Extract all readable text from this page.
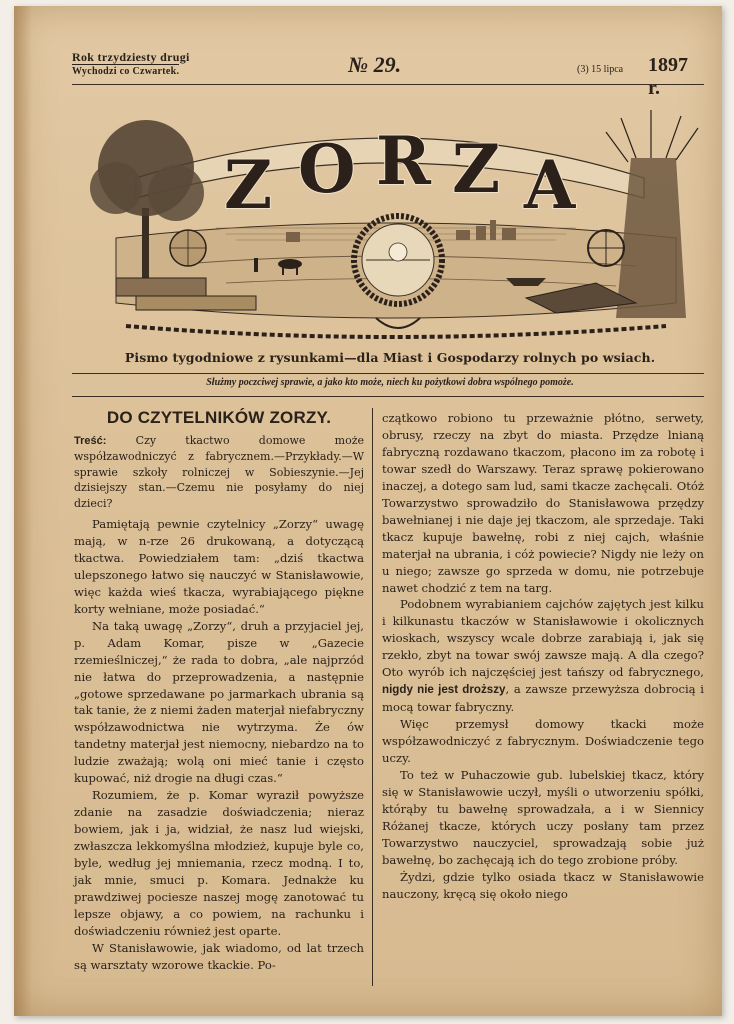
Rok trzydziesty drugi
Wychodzi co Czwartek.	№ 29.	(3) 15 lipca 1897 r.
Z O R Z A
Pismo tygodniowe z rysunkami—dla Miast i Gospodarzy rolnych po wsiach.
Służmy poczciwej sprawie, a jako kto może, niech ku pożytkowi dobra wspólnego pomoże.
DO CZYTELNIKÓW ZORZY.

Treść:	Czy tkactwo domowe może współzawodniczyć z fabrycznem.—Przykłady.—W sprawie szkoły rolniczej w Sobieszynie.—Jej dzisiejszy stan.—Czemu nie posyłamy do niej dzieci?

Pamiętają pewnie czytelnicy „Zorzy“ uwagę mają, w n-rze 26 drukowaną, a dotyczącą tkactwa. Powiedziałem tam: „dziś tkactwa ulepszonego łatwo się nauczyć w Stanisławowie, więc każda wieś tkacza, wyrabiającego piękne korty wełniane, może posiadać.“

Na taką uwagę „Zorzy“, druh a przyjaciel jej, p. Adam Komar, pisze w „Gazecie rzemieślniczej,“ że rada to dobra, „ale najprzód nie łatwa do przeprowadzenia, a następnie „gotowe sprzedawane po jarmarkach ubrania są tak tanie, że z niemi żaden materjał niefabryczny współzawodnictwa nie wytrzyma. Że ów tandetny materjał jest niemocny, niebardzo na to ludzie zważają; wolą oni mieć tanie i często kupować, niż drogie na długi czas.“

Rozumiem, że p. Komar wyraził powyższe zdanie na zasadzie doświadczenia; nieraz bowiem, jak i ja, widział, że nasz lud wiejski, zwłaszcza lekkomyślna młodzież, kupuje byle co, byle, według jej mniemania, rzecz modną. I to, jak mnie, smuci p. Komara. Jednakże ku prawdziwej pociesze naszej mogę zanotować tu lepsze objawy, a co powiem, na rachunku i doświadczeniu również jest oparte.

W Stanisławowie, jak wiadomo, od lat trzech są warsztaty wzorowe tkackie. Po-

czątkowo robiono tu przeważnie płótno, serwety, obrusy, rzeczy na zbyt do miasta. Przędze lnianą fabryczną rozdawano tkaczom, płacono im za robotę i towar szedł do Warszawy. Teraz sprawę pokierowano inaczej, a dotego sam lud, sami tkacze zachęcali. Otóż Towarzystwo sprowadziło do Stanisławowa przędzy bawełnianej i nie daje jej tkaczom, ale sprzedaje. Taki tkacz kupuje bawełnę, robi z niej cajch, właśnie materjał na ubrania, i cóż powiecie? Nigdy nie leży on u niego; zawsze go sprzeda w domu, nie potrzebuje nawet chodzić z tem na targ.

Podobnem wyrabianiem cajchów zajętych jest kilku i kilkunastu tkaczów w Stanisławowie i okolicznych wioskach, wszyscy wcale dobrze zarabiają i, jak się rzekło, zbyt na towar swój zawsze mają. A dla czego? Oto wyrób ich najczęściej jest tańszy od fabrycznego, nigdy nie jest droższy, a zawsze przewyższa dobrocią i mocą towar fabryczny.

Więc przemysł domowy tkacki może współzawodniczyć z fabrycznym. Doświadczenie tego uczy.

To też w Puhaczowie gub. lubelskiej tkacz, który się w Stanisławowie uczył, myśli o utworzeniu spółki, którąby tu bawełnę sprowadzała, a i w Siennicy Różanej tkacze, których uczy posłany tam przez Towarzystwo nauczyciel, sprowadzają sobie już bawełnę, bo zachęcają ich do tego zrobione próby.

Żydzi, gdzie tylko osiada tkacz w Stanisławowie nauczony, kręcą się około niego
